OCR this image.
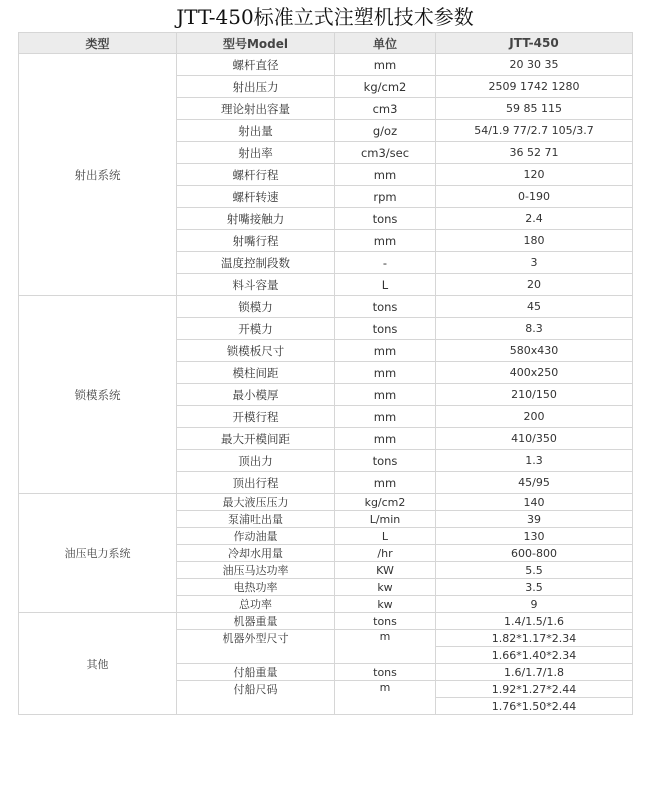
JTT-450标准立式注塑机技术参数
类型	型号Model	单位	JTT-450
射出系统	螺杆直径	mm	20 30 35
	射出压力	kg/cm2	2509 1742 1280
	理论射出容量	cm3	59 85 115
	射出量	g/oz	54/1.9 77/2.7 105/3.7
	射出率	cm3/sec	36 52 71
	螺杆行程	mm	120
	螺杆转速	rpm	0-190
	射嘴接触力	tons	2.4
	射嘴行程	mm	180
	温度控制段数	-	3
	料斗容量	L	20
锁模系统	锁模力	tons	45
	开模力	tons	8.3
	锁模板尺寸	mm	580x430
	模柱间距	mm	400x250
	最小模厚	mm	210/150
	开模行程	mm	200
	最大开模间距	mm	410/350
	顶出力	tons	1.3
	顶出行程	mm	45/95
油压电力系统	最大液压压力	kg/cm2	140
	泵浦吐出量	L/min	39
	作动油量	L	130
	冷却水用量	/hr	600-800
	油压马达功率	KW	5.5
	电热功率	kw	3.5
	总功率	kw	9
其他	机器重量	tons	1.4/1.5/1.6
	机器外型尺寸	m	1.82*1.17*2.34
			1.66*1.40*2.34
	付船重量	tons	1.6/1.7/1.8
	付船尺码	m	1.92*1.27*2.44
			1.76*1.50*2.44
